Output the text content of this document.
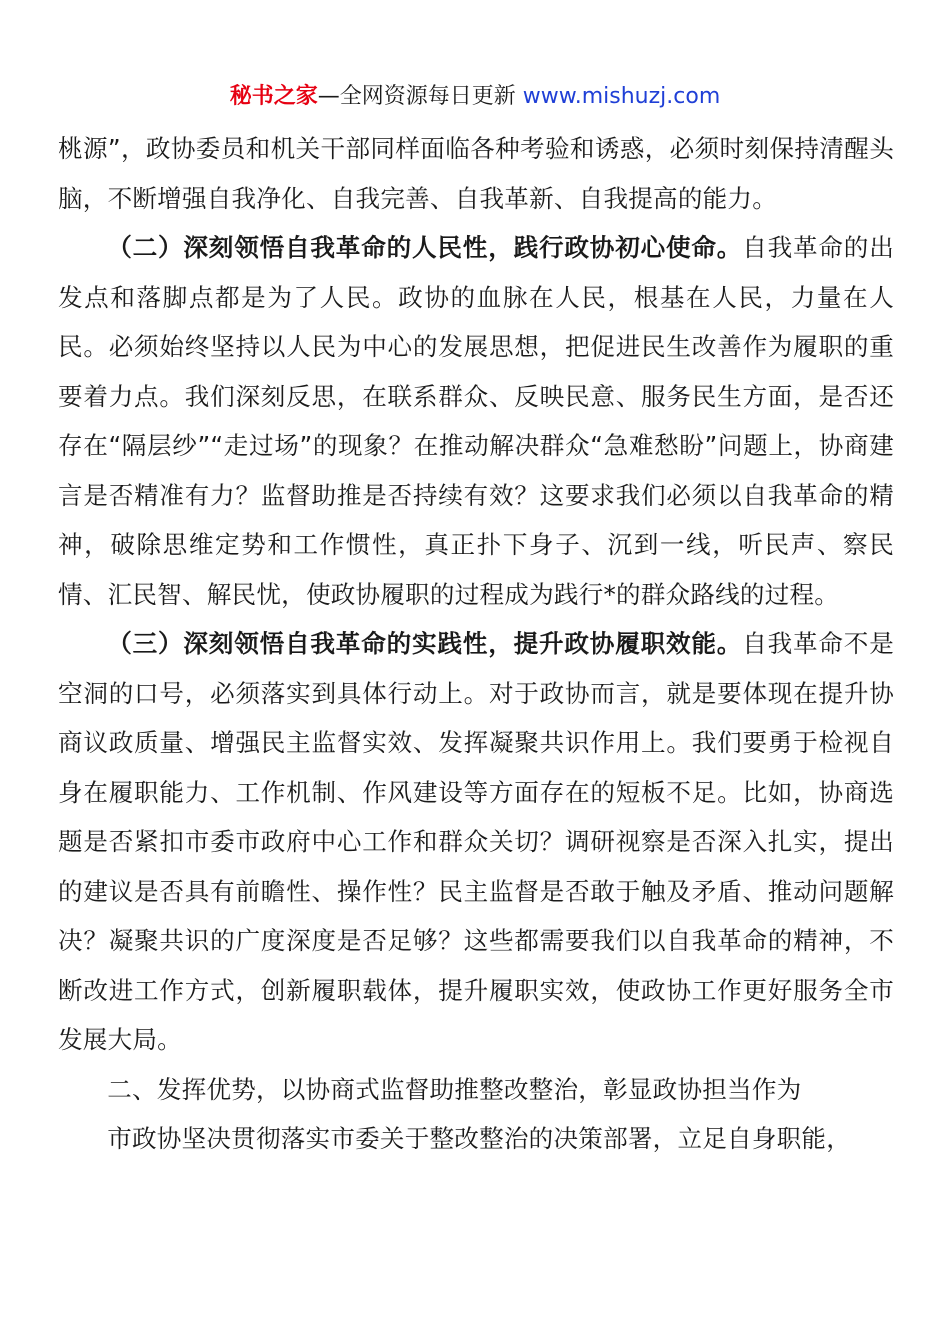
秘书之家—全网资源每日更新 www.mishuzj.com

桃源”，政协委员和机关干部同样面临各种考验和诱惑，必须时刻保持清醒头脑，不断增强自我净化、自我完善、自我革新、自我提高的能力。

（二）深刻领悟自我革命的人民性，践行政协初心使命。自我革命的出发点和落脚点都是为了人民。政协的血脉在人民，根基在人民，力量在人民。必须始终坚持以人民为中心的发展思想，把促进民生改善作为履职的重要着力点。我们深刻反思，在联系群众、反映民意、服务民生方面，是否还存在“隔层纱”“走过场”的现象？在推动解决群众“急难愁盼”问题上，协商建言是否精准有力？监督助推是否持续有效？这要求我们必须以自我革命的精神，破除思维定势和工作惯性，真正扑下身子、沉到一线，听民声、察民情、汇民智、解民忧，使政协履职的过程成为践行*的群众路线的过程。

（三）深刻领悟自我革命的实践性，提升政协履职效能。自我革命不是空洞的口号，必须落实到具体行动上。对于政协而言，就是要体现在提升协商议政质量、增强民主监督实效、发挥凝聚共识作用上。我们要勇于检视自身在履职能力、工作机制、作风建设等方面存在的短板不足。比如，协商选题是否紧扣市委市政府中心工作和群众关切？调研视察是否深入扎实，提出的建议是否具有前瞻性、操作性？民主监督是否敢于触及矛盾、推动问题解决？凝聚共识的广度深度是否足够？这些都需要我们以自我革命的精神，不断改进工作方式，创新履职载体，提升履职实效，使政协工作更好服务全市发展大局。

二、发挥优势，以协商式监督助推整改整治，彰显政协担当作为

市政协坚决贯彻落实市委关于整改整治的决策部署，立足自身职能，
